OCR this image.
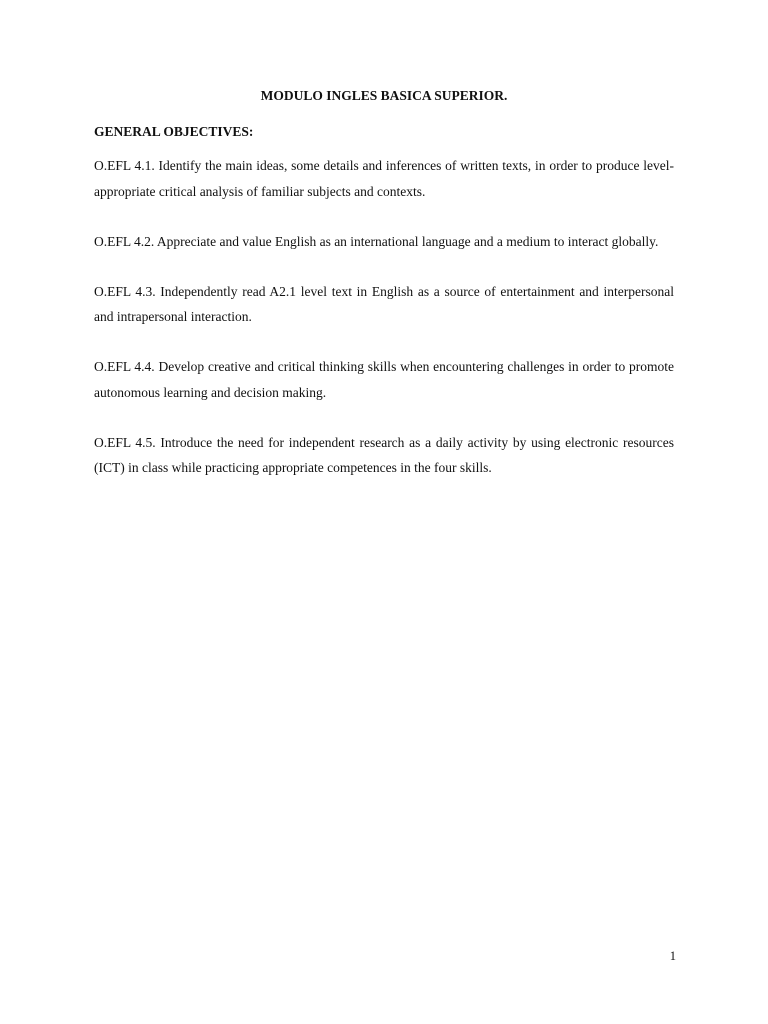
MODULO INGLES BASICA SUPERIOR.
GENERAL OBJECTIVES:

O.EFL 4.1. Identify the main ideas, some details and inferences of written texts, in order to produce level-appropriate critical analysis of familiar subjects and contexts.

O.EFL 4.2. Appreciate and value English as an international language and a medium to interact globally.

O.EFL 4.3. Independently read A2.1 level text in English as a source of entertainment and interpersonal and intrapersonal interaction.

O.EFL 4.4. Develop creative and critical thinking skills when encountering challenges in order to promote autonomous learning and decision making.

O.EFL 4.5. Introduce the need for independent research as a daily activity by using electronic resources (ICT) in class while practicing appropriate competences in the four skills.

1
